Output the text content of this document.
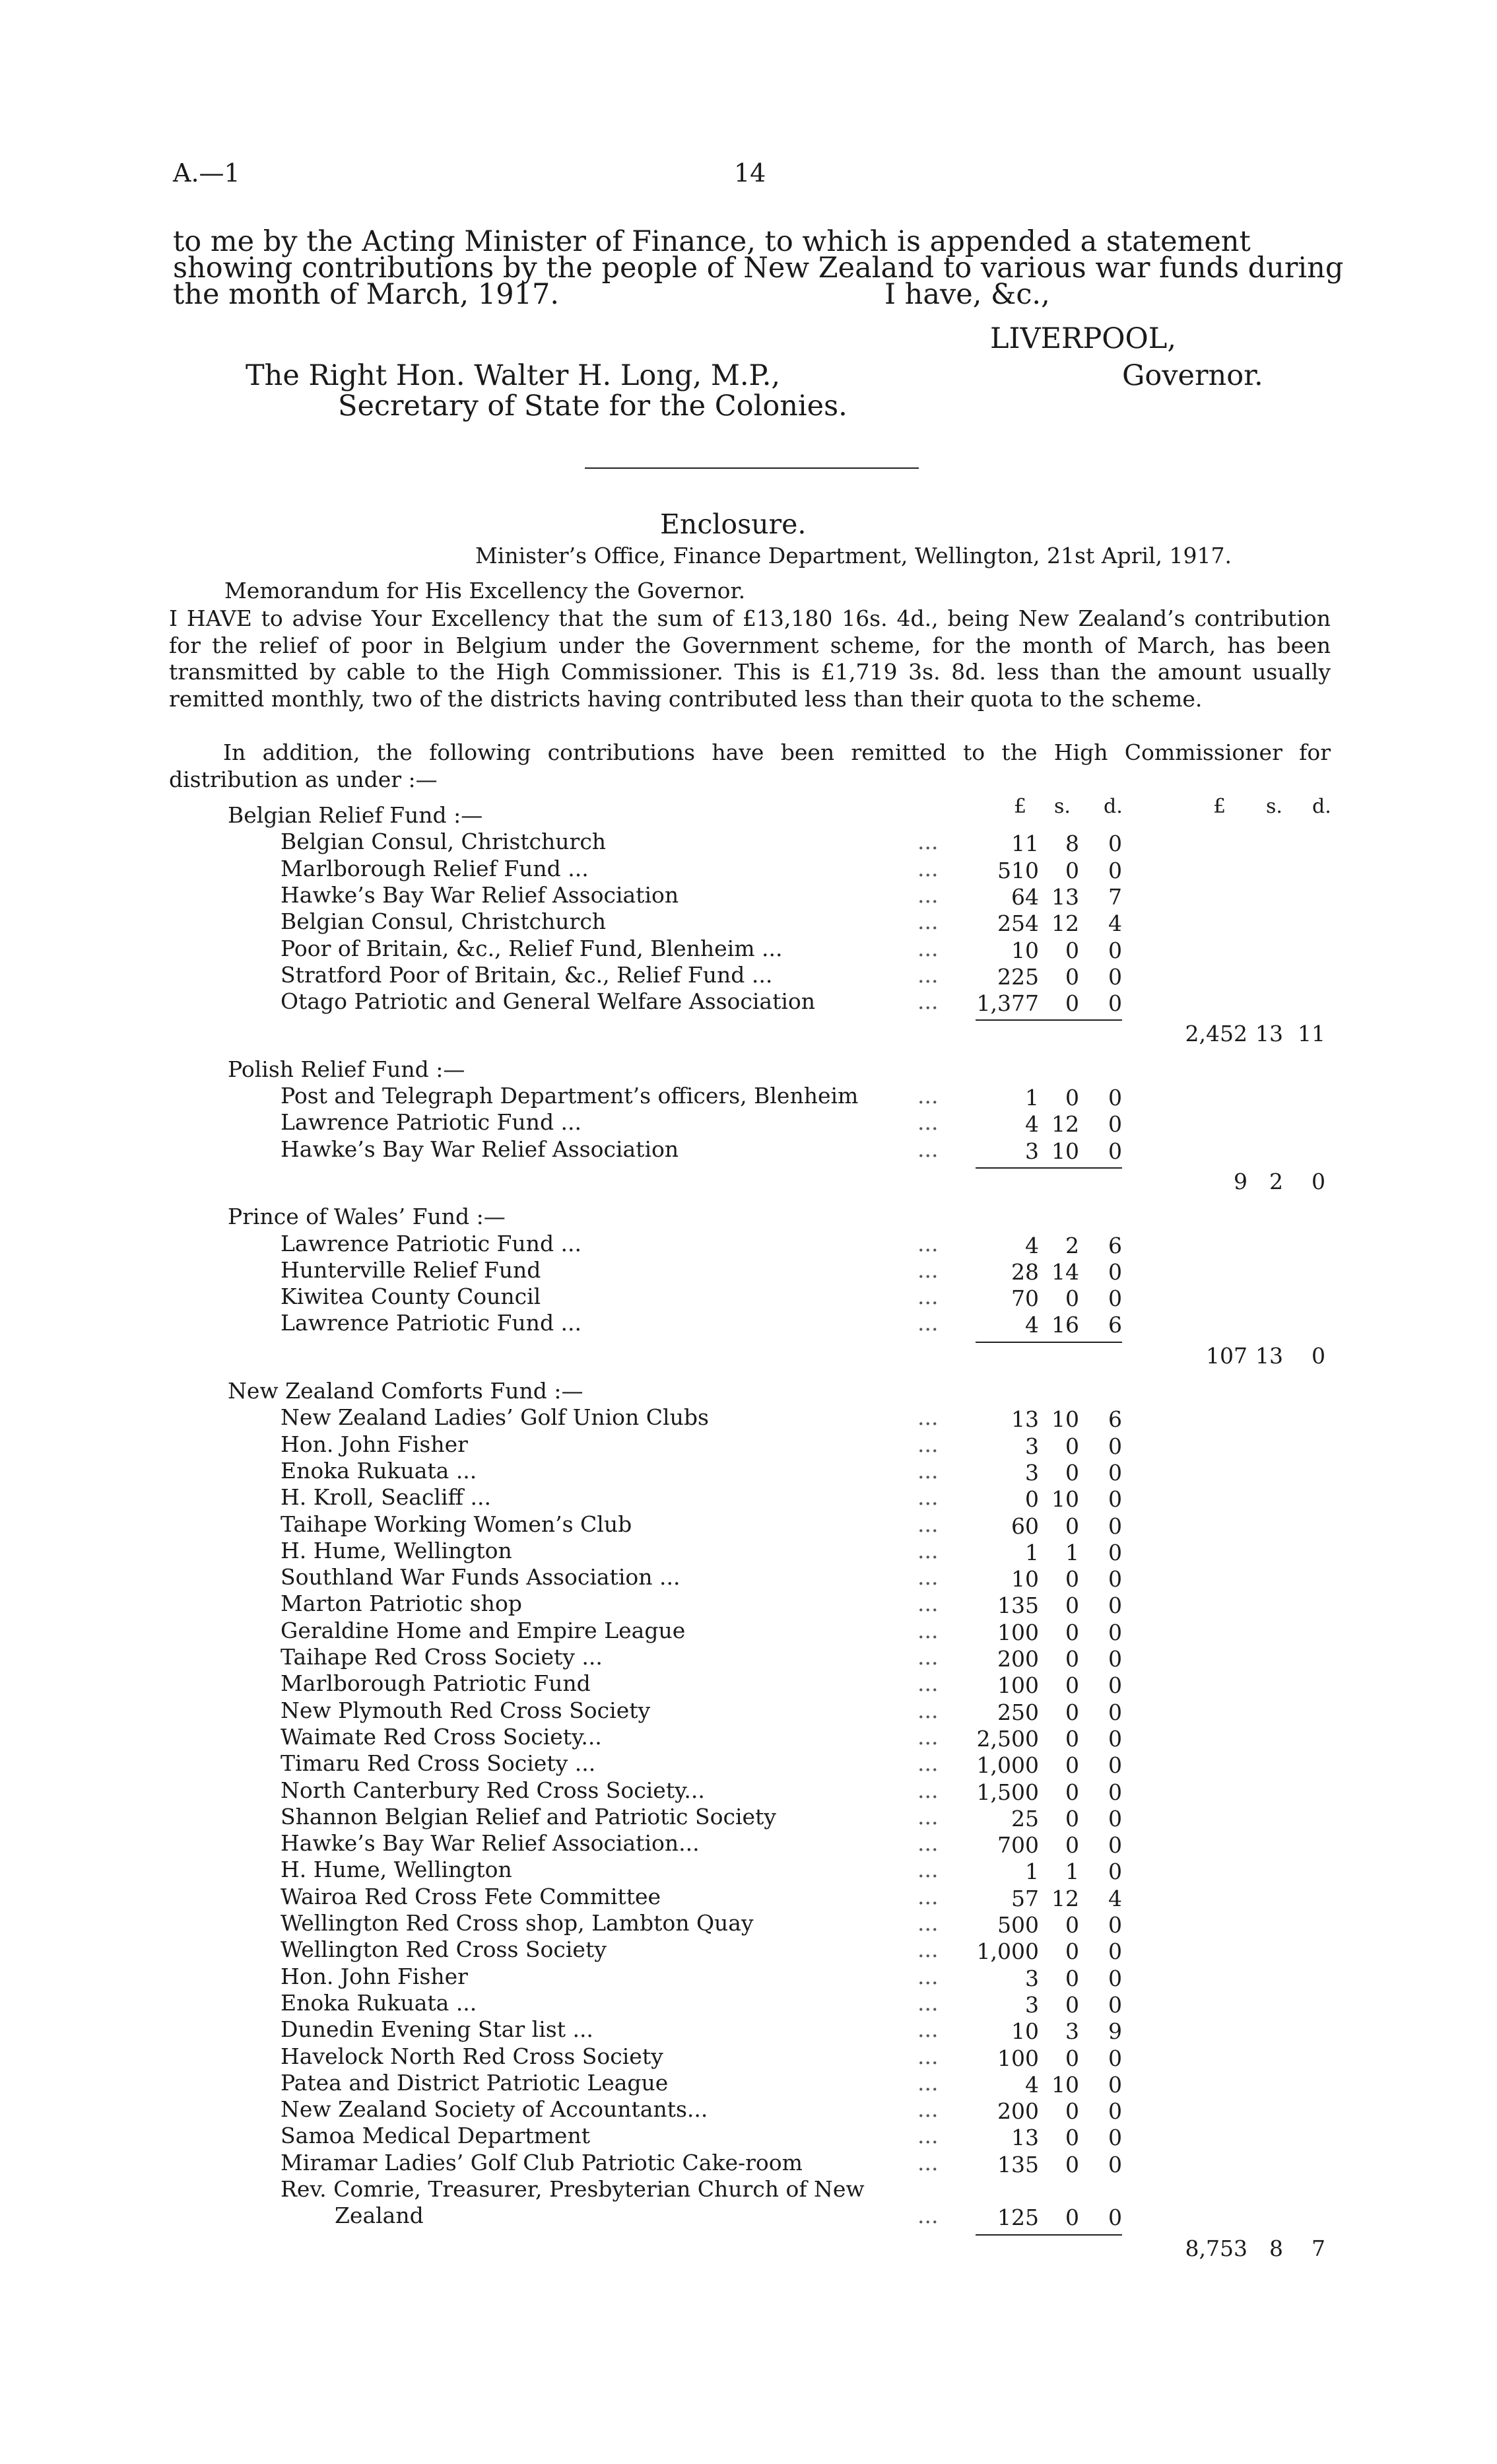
A.—1	14
to me by the Acting Minister of Finance, to which is appended a statement
showing contributions by the people of New Zealand to various war funds during
the month of March, 1917.	I have, &c.,
LIVERPOOL,
Governor.
The Right Hon. Walter H. Long, M.P.,
Secretary of State for the Colonies.
Enclosure.
Minister’s Office, Finance Department, Wellington, 21st April, 1917.
Memorandum for His Excellency the Governor.

I HAVE to advise Your Excellency that the sum of £13,180 16s. 4d., being New Zealand’s contribution for the relief of poor in Belgium under the Government scheme, for the month of March, has been transmitted by cable to the High Commissioner. This is £1,719 3s. 8d. less than the amount usually remitted monthly, two of the districts having contributed less than their quota to the scheme.

In addition, the following contributions have been remitted to the High Commissioner for distribution as under :—

£ s. d.	£ s. d.
Belgian Relief Fund :—
Belgian Consul, Christchurch	...	11 8 0
Marlborough Relief Fund ...	...	510 0 0
Hawke’s Bay War Relief Association	...	64 13 7
Belgian Consul, Christchurch	...	254 12 4
Poor of Britain, &c., Relief Fund, Blenheim ...	...	10 0 0
Stratford Poor of Britain, &c., Relief Fund ...	...	225 0 0
Otago Patriotic and General Welfare Association	... 1,377 0 0
2,452 13 11
Polish Relief Fund :—
Post and Telegraph Department’s officers, Blenheim	...	1 0 0
Lawrence Patriotic Fund ...	...	4 12 0
Hawke’s Bay War Relief Association	...	3 10 0
9 2 0
Prince of Wales’ Fund :—
Lawrence Patriotic Fund ...	...	4 2 6
Hunterville Relief Fund	...	28 14 0
Kiwitea County Council	...	70 0 0
Lawrence Patriotic Fund ...	...	4 16 6
107 13 0
New Zealand Comforts Fund :—
New Zealand Ladies’ Golf Union Clubs	...	13 10 6
Hon. John Fisher	...	3 0 0
Enoka Rukuata ...	...	3 0 0
H. Kroll, Seacliff ...	...	0 10 0
Taihape Working Women’s Club	...	60 0 0
H. Hume, Wellington	...	1 1 0
Southland War Funds Association ...	...	10 0 0
Marton Patriotic shop	...	135 0 0
Geraldine Home and Empire League	...	100 0 0
Taihape Red Cross Society ...	...	200 0 0
Marlborough Patriotic Fund	...	100 0 0
New Plymouth Red Cross Society	...	250 0 0
Waimate Red Cross Society...	... 2,500 0 0
Timaru Red Cross Society ...	... 1,000 0 0
North Canterbury Red Cross Society...	... 1,500 0 0
Shannon Belgian Relief and Patriotic Society	...	25 0 0
Hawke’s Bay War Relief Association...	...	700 0 0
H. Hume, Wellington	...	1 1 0
Wairoa Red Cross Fete Committee	...	57 12 4
Wellington Red Cross shop, Lambton Quay	...	500 0 0
Wellington Red Cross Society	... 1,000 0 0
Hon. John Fisher	...	3 0 0
Enoka Rukuata ...	...	3 0 0
Dunedin Evening Star list ...	...	10 3 9
Havelock North Red Cross Society	...	100 0 0
Patea and District Patriotic League	...	4 10 0
New Zealand Society of Accountants...	...	200 0 0
Samoa Medical Department	...	13 0 0
Miramar Ladies’ Golf Club Patriotic Cake-room	...	135 0 0
Rev. Comrie, Treasurer, Presbyterian Church of New
Zealand	...	125 0 0
8,753 8 7
